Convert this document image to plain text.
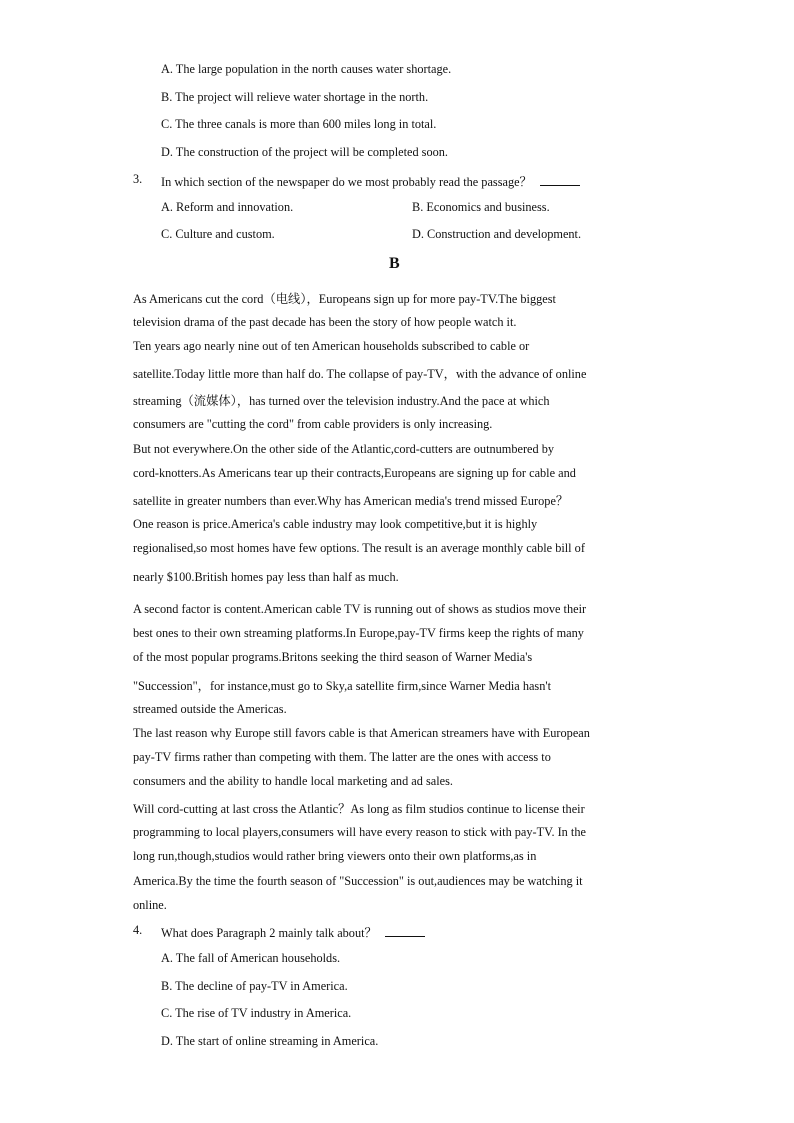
A. The large population in the north causes water shortage.
B. The project will relieve water shortage in the north.
C. The three canals is more than 600 miles long in total.
D. The construction of the project will be completed soon.
3. In which section of the newspaper do we most probably read the passage？
A. Reform and innovation.	B. Economics and business.
C. Culture and custom.	D. Construction and development.
B
As Americans cut the cord（电线），Europeans sign up for more pay-TV.The biggest
television drama of the past decade has been the story of how people watch it.
Ten years ago nearly nine out of ten American households subscribed to cable or
satellite.Today little more than half do. The collapse of pay-TV，with the advance of online
streaming（流媒体），has turned over the television industry.And the pace at which
consumers are "cutting the cord" from cable providers is only increasing.
But not everywhere.On the other side of the Atlantic,cord-cutters are outnumbered by
cord-knotters.As Americans tear up their contracts,Europeans are signing up for cable and
satellite in greater numbers than ever.Why has American media's trend missed Europe？
One reason is price.America's cable industry may look competitive,but it is highly
regionalised,so most homes have few options. The result is an average monthly cable bill of
nearly $100.British homes pay less than half as much.
A second factor is content.American cable TV is running out of shows as studios move their
best ones to their own streaming platforms.In Europe,pay-TV firms keep the rights of many
of the most popular programs.Britons seeking the third season of Warner Media's
"Succession"，for instance,must go to Sky,a satellite firm,since Warner Media hasn't
streamed outside the Americas.
The last reason why Europe still favors cable is that American streamers have with European
pay-TV firms rather than competing with them. The latter are the ones with access to
consumers and the ability to handle local marketing and ad sales.
Will cord-cutting at last cross the Atlantic？As long as film studios continue to license their
programming to local players,consumers will have every reason to stick with pay-TV. In the
long run,though,studios would rather bring viewers onto their own platforms,as in
America.By the time the fourth season of "Succession" is out,audiences may be watching it
online.
4. What does Paragraph 2 mainly talk about？
A. The fall of American households.
B. The decline of pay-TV in America.
C. The rise of TV industry in America.
D. The start of online streaming in America.
